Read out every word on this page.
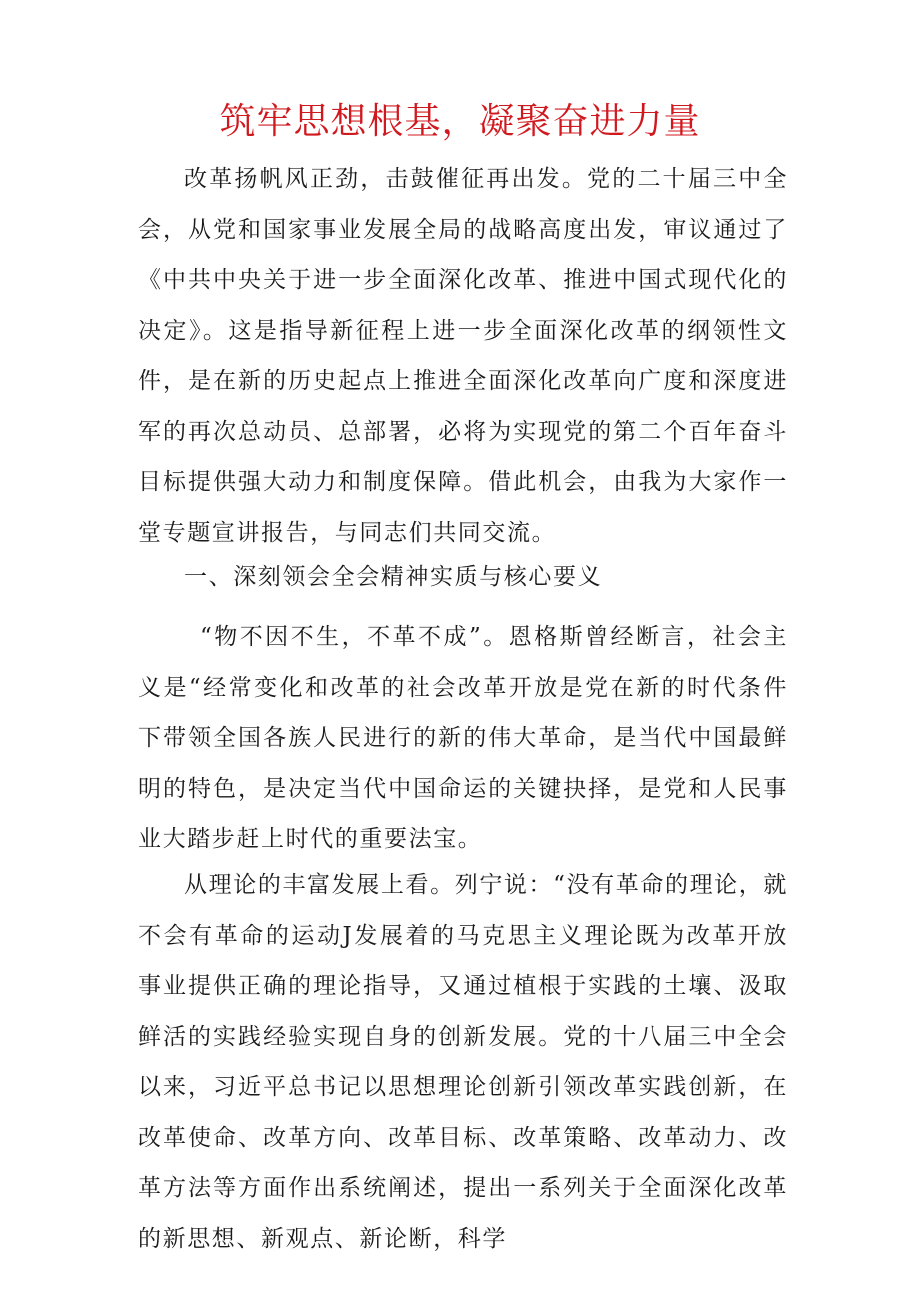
筑牢思想根基，凝聚奋进力量

改革扬帆风正劲，击鼓催征再出发。党的二十届三中全会，从党和国家事业发展全局的战略高度出发，审议通过了《中共中央关于进一步全面深化改革、推进中国式现代化的决定》。这是指导新征程上进一步全面深化改革的纲领性文件，是在新的历史起点上推进全面深化改革向广度和深度进军的再次总动员、总部署，必将为实现党的第二个百年奋斗目标提供强大动力和制度保障。借此机会，由我为大家作一堂专题宣讲报告，与同志们共同交流。

一、深刻领会全会精神实质与核心要义

“物不因不生，不革不成”。恩格斯曾经断言，社会主义是“经常变化和改革的社会改革开放是党在新的时代条件下带领全国各族人民进行的新的伟大革命，是当代中国最鲜明的特色，是决定当代中国命运的关键抉择，是党和人民事业大踏步赶上时代的重要法宝。

从理论的丰富发展上看。列宁说：“没有革命的理论，就不会有革命的运动J发展着的马克思主义理论既为改革开放事业提供正确的理论指导，又通过植根于实践的土壤、汲取鲜活的实践经验实现自身的创新发展。党的十八届三中全会以来，习近平总书记以思想理论创新引领改革实践创新，在改革使命、改革方向、改革目标、改革策略、改革动力、改革方法等方面作出系统阐述，提出一系列关于全面深化改革的新思想、新观点、新论断，科学
